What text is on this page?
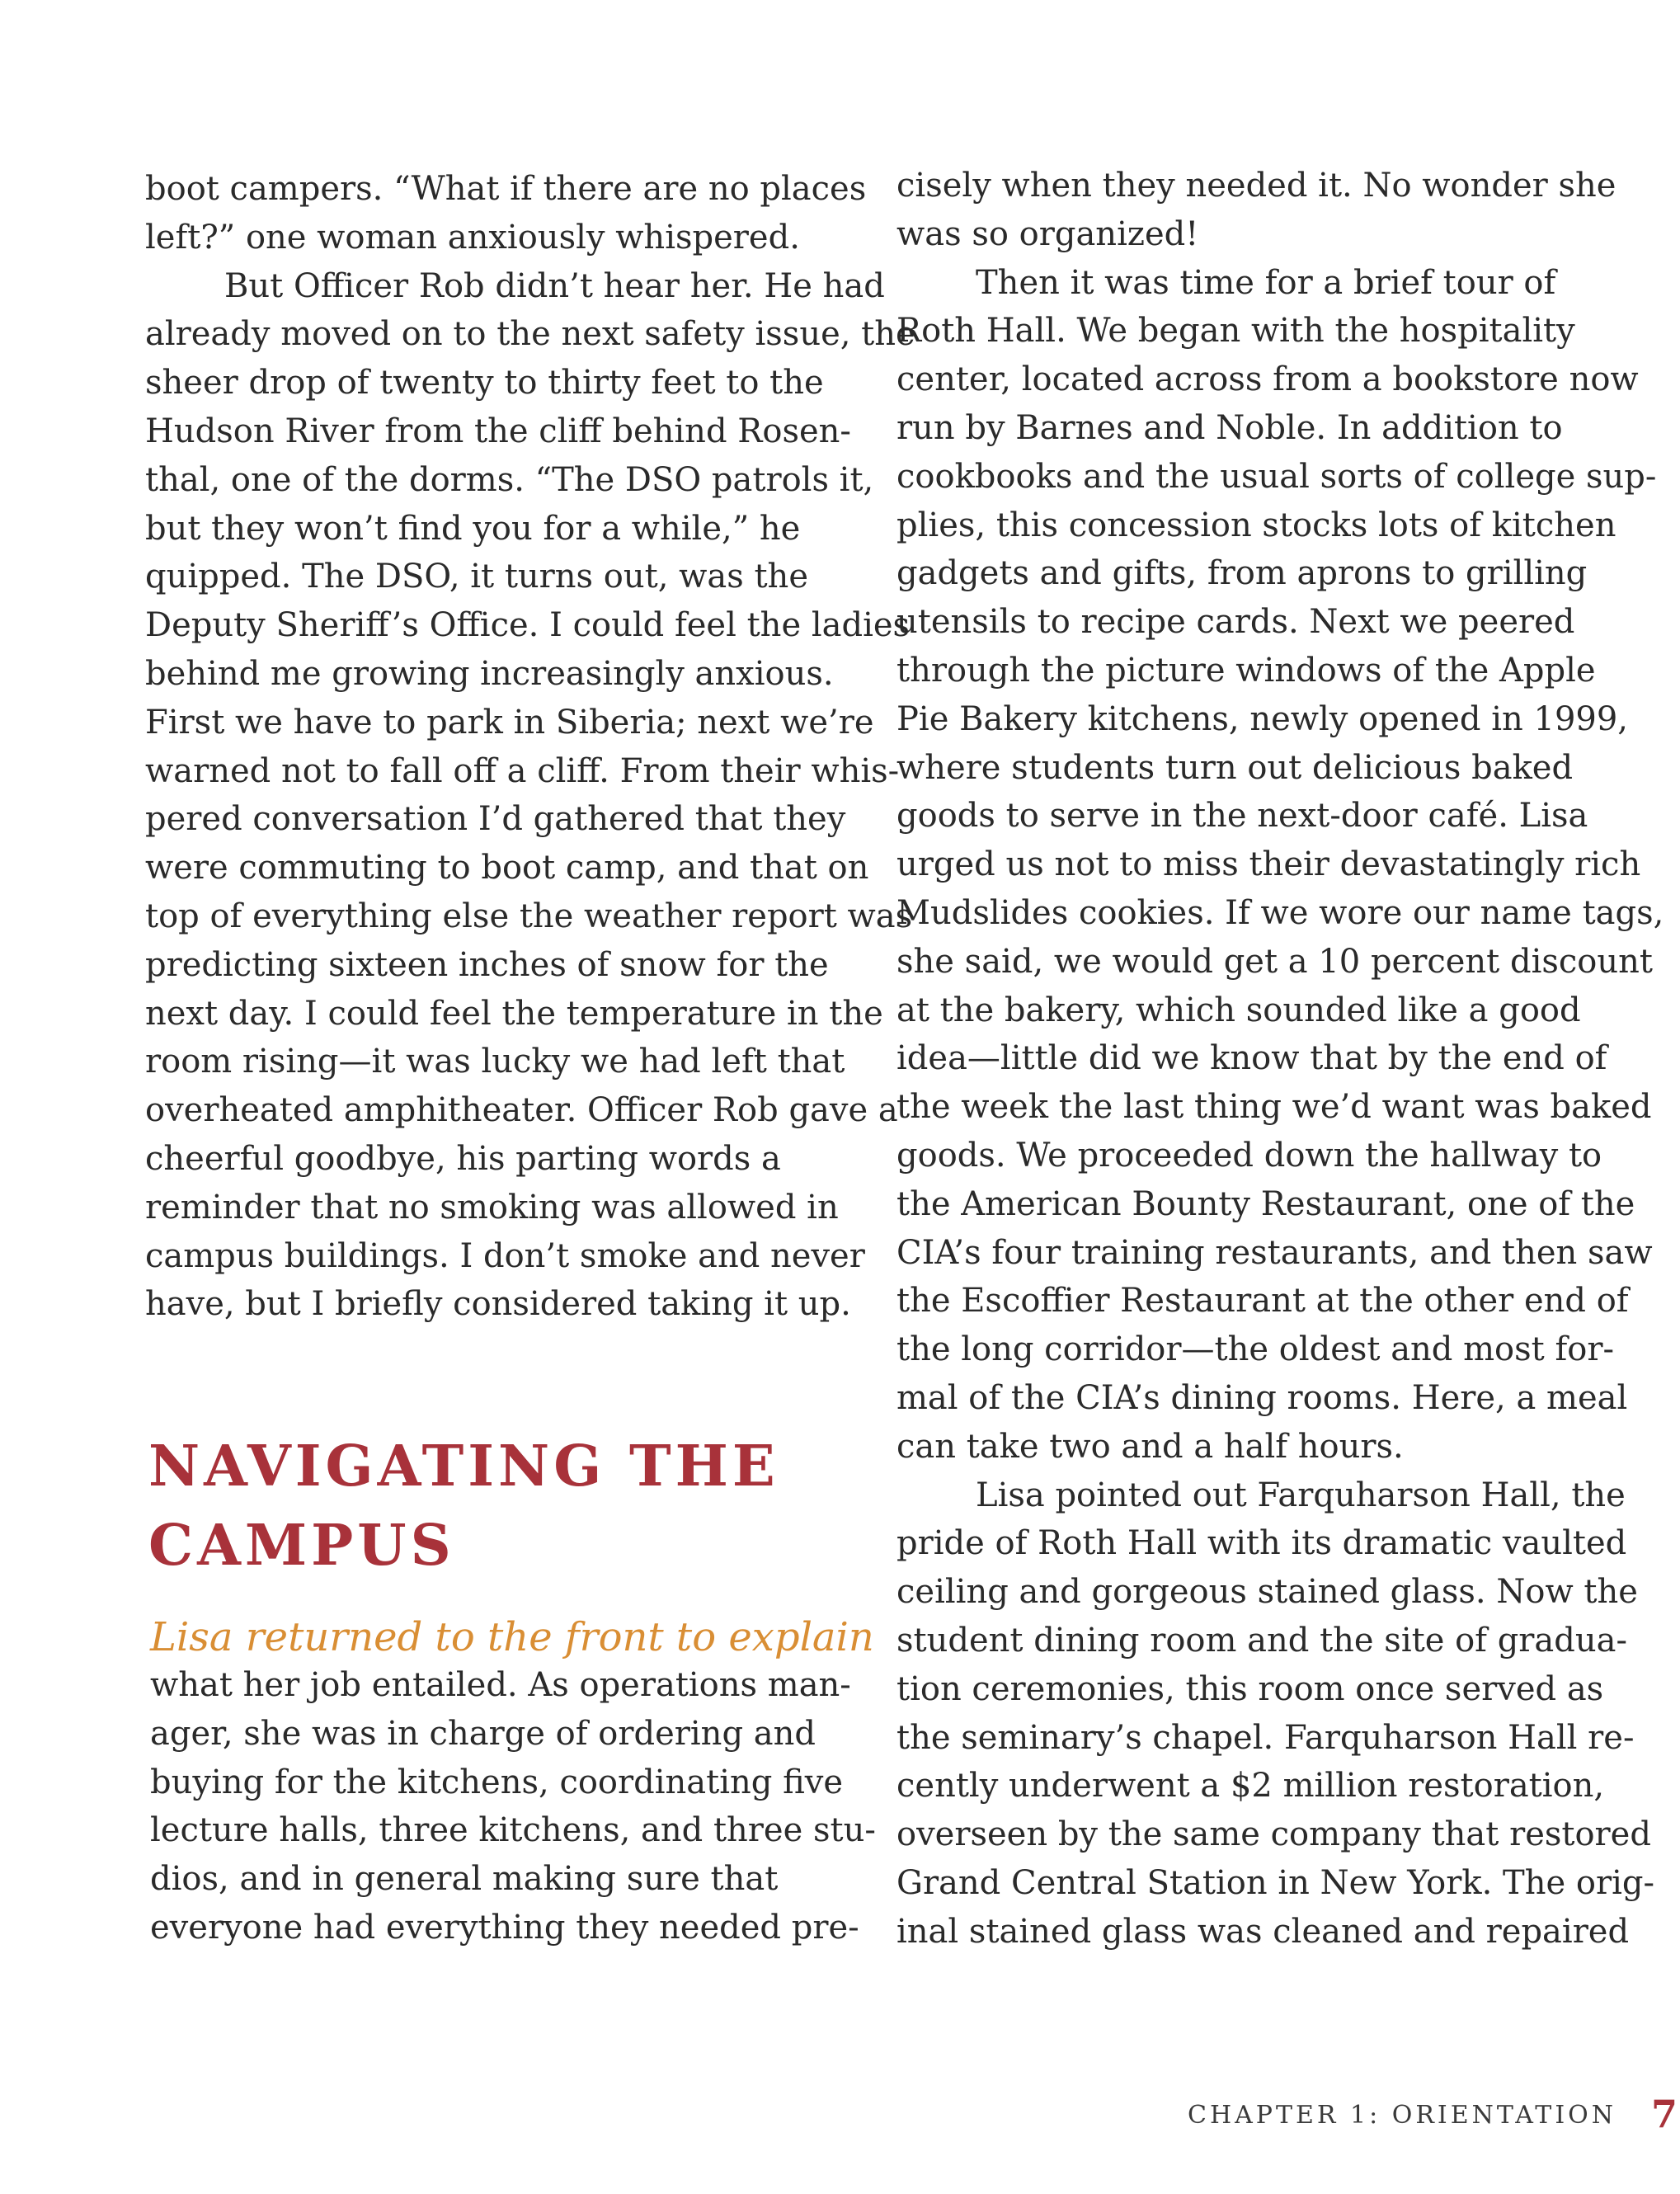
boot campers. “What if there are no places
left?” one woman anxiously whispered.
But Officer Rob didn’t hear her. He had
already moved on to the next safety issue, the
sheer drop of twenty to thirty feet to the
Hudson River from the cliff behind Rosen-
thal, one of the dorms. “The DSO patrols it,
but they won’t find you for a while,” he
quipped. The DSO, it turns out, was the
Deputy Sheriff’s Office. I could feel the ladies
behind me growing increasingly anxious.
First we have to park in Siberia; next we’re
warned not to fall off a cliff. From their whis-
pered conversation I’d gathered that they
were commuting to boot camp, and that on
top of everything else the weather report was
predicting sixteen inches of snow for the
next day. I could feel the temperature in the
room rising—it was lucky we had left that
overheated amphitheater. Officer Rob gave a
cheerful goodbye, his parting words a
reminder that no smoking was allowed in
campus buildings. I don’t smoke and never
have, but I briefly considered taking it up.
NAVIGATING THE
CAMPUS
Lisa returned to the front to explain
what her job entailed. As operations man-
ager, she was in charge of ordering and
buying for the kitchens, coordinating five
lecture halls, three kitchens, and three stu-
dios, and in general making sure that
everyone had everything they needed pre-
cisely when they needed it. No wonder she
was so organized!
Then it was time for a brief tour of
Roth Hall. We began with the hospitality
center, located across from a bookstore now
run by Barnes and Noble. In addition to
cookbooks and the usual sorts of college sup-
plies, this concession stocks lots of kitchen
gadgets and gifts, from aprons to grilling
utensils to recipe cards. Next we peered
through the picture windows of the Apple
Pie Bakery kitchens, newly opened in 1999,
where students turn out delicious baked
goods to serve in the next-door café. Lisa
urged us not to miss their devastatingly rich
Mudslides cookies. If we wore our name tags,
she said, we would get a 10 percent discount
at the bakery, which sounded like a good
idea—little did we know that by the end of
the week the last thing we’d want was baked
goods. We proceeded down the hallway to
the American Bounty Restaurant, one of the
CIA’s four training restaurants, and then saw
the Escoffier Restaurant at the other end of
the long corridor—the oldest and most for-
mal of the CIA’s dining rooms. Here, a meal
can take two and a half hours.
Lisa pointed out Farquharson Hall, the
pride of Roth Hall with its dramatic vaulted
ceiling and gorgeous stained glass. Now the
student dining room and the site of gradua-
tion ceremonies, this room once served as
the seminary’s chapel. Farquharson Hall re-
cently underwent a $2 million restoration,
overseen by the same company that restored
Grand Central Station in New York. The orig-
inal stained glass was cleaned and repaired
CHAPTER 1: ORIENTATION 7
